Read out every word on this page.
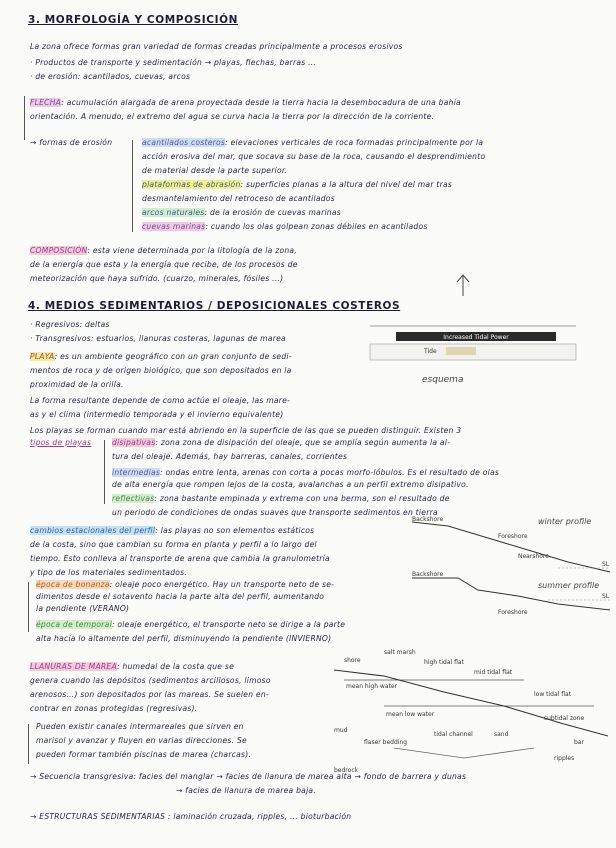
3. MORFOLOGÍA Y COMPOSICIÓN
La zona ofrece formas gran variedad de formas creadas principalmente a procesos erosivos
· Productos de transporte y sedimentación → playas, flechas, barras ...
· de erosión: acantilados, cuevas, arcos
FLECHA: acumulación alargada de arena proyectada desde la tierra hacia la desembocadura de una bahía
orientación. A menudo, el extremo del agua se curva hacia la tierra por la dirección de la corriente.
→ formas de erosión	acantilados costeros: elevaciones verticales de roca formadas principalmente por la
acción erosiva del mar, que socava su base de la roca, causando el desprendimiento
de material desde la parte superior.
plataformas de abrasión: superficies planas a la altura del nivel del mar tras
desmantelamiento del retroceso de acantilados
arcos naturales: de la erosión de cuevas marinas
cuevas marinas: cuando los olas golpean zonas débiles en acantilados
COMPOSICIÓN: esta viene determinada por la litología de la zona,
de la energía que esta y la energía que recibe, de los procesos de
meteorización que haya sufrido. (cuarzo, minerales, fósiles ...)
4. MEDIOS SEDIMENTARIOS / DEPOSICIONALES COSTEROS
· Regresivos: deltas
· Transgresivos: estuarios, llanuras costeras, lagunas de marea	Increased Tidal Power
Tide
esquema
PLAYA: es un ambiente geográfico con un gran conjunto de sedi-
mentos de roca y de origen biológico, que son depositados en la
proximidad de la orilla.
La forma resultante depende de como actúe el oleaje, las mare-
as y el clima (intermedio temporada y el invierno equivalente)
Los playas se forman cuando mar está abriendo en la superficie de las que se pueden distinguir. Existen 3
tipos de playas	disipativas: zona zona de disipación del oleaje, que se amplía según aumenta la al-
tura del oleaje. Además, hay barreras, canales, corrientes
intermedias: ondas entre lenta, arenas con corta a pocas morfo-lóbulos. Es el resultado de olas
de alta energía que rompen lejos de la costa, avalanchas a un perfil extremo disipativo.
reflectivas: zona bastante empinada y extrema con una berma, son el resultado de
un periodo de condiciones de ondas suaves que transporte sedimentos en tierra
cambios estacionales del perfil: las playas no son elementos estáticos
de la costa, sino que cambian su forma en planta y perfil a lo largo del
tiempo. Esto conlleva al transporte de arena que cambia la granulometría
y tipo de los materiales sedimentados.
época de bonanza: oleaje poco energético. Hay un transporte neto de se-
dimentos desde el sotavento hacia la parte alta del perfil, aumentando
la pendiente (VERANO)
época de temporal: oleaje energético, el transporte neto se dirige a la parte
alta hacia lo altamente del perfil, disminuyendo la pendiente (INVIERNO)
Backshore
Foreshore
winter profile
SL
Nearshore
Backshore
Foreshore
summer profile
SL
LLANURAS DE MAREA: humedal de la costa que se
genera cuando las depósitos (sedimentos arcillosos, limoso
arenosos...) son depositados por las mareas. Se suelen en-
contrar en zonas protegidas (regresivas).
shore
salt marsh
high tidal flat
mid tidal flat
low tidal flat
mean high water
mean low water
subtidal zone
bar
tidal channel
mud
flaser bedding
sand
ripples
bedrock
Pueden existir canales intermareales que sirven en
marisol y avanzar y fluyen en varias direcciones. Se
pueden formar también piscinas de marea (charcas).
→ Secuencia transgresiva: facies del manglar → facies de llanura de marea alta → fondo de barrera y dunas
→ facies de llanura de marea baja.
→ ESTRUCTURAS SEDIMENTARIAS : laminación cruzada, ripples, ... bioturbación
